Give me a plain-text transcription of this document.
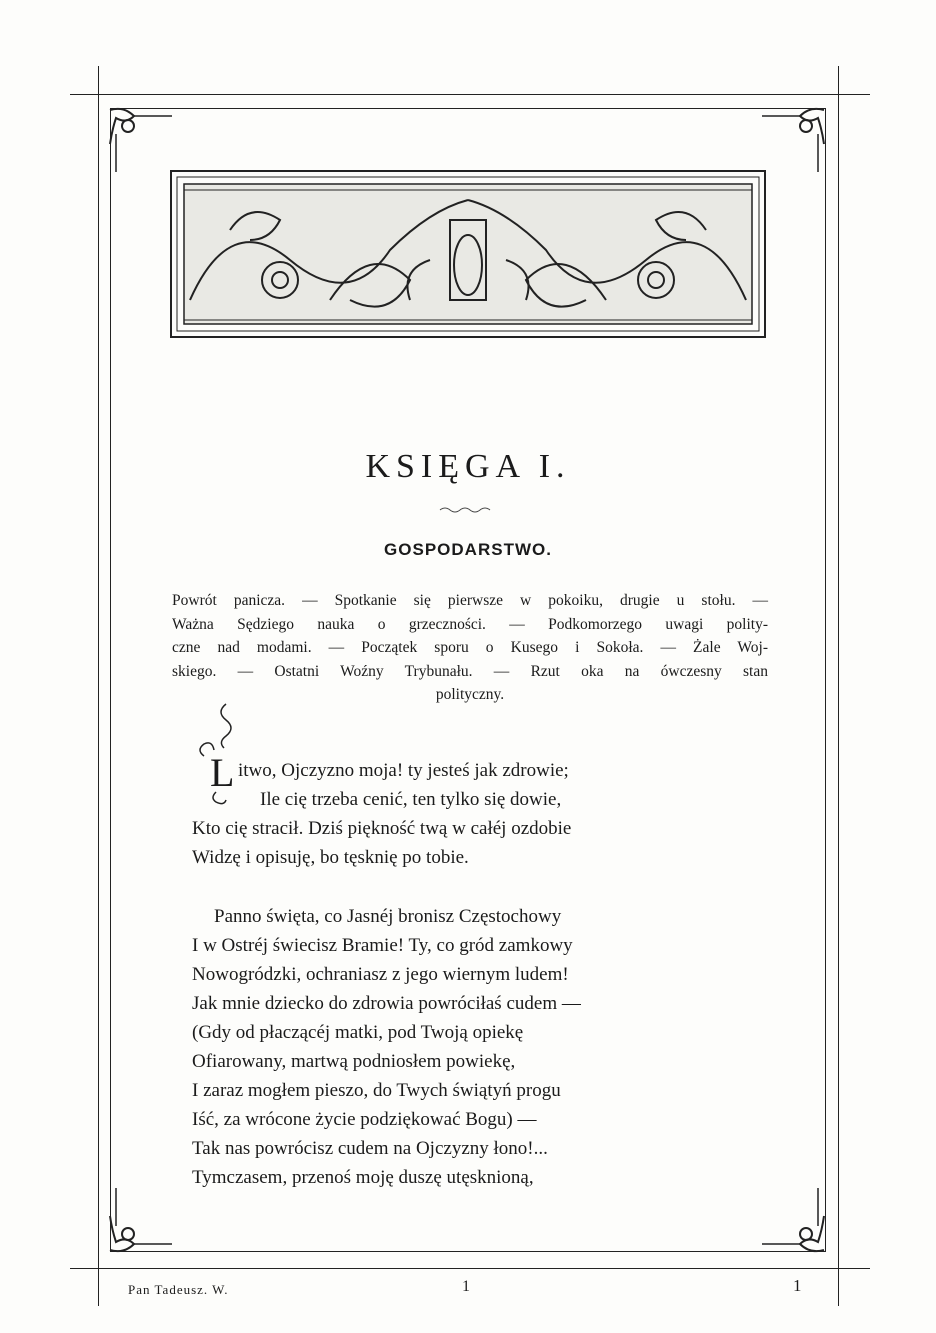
KSIĘGA I.
GOSPODARSTWO.
Powrót panicza. — Spotkanie się pierwsze w pokoiku, drugie u stołu. —
Ważna Sędziego nauka o grzeczności. — Podkomorzego uwagi polity-
czne nad modami. — Początek sporu o Kusego i Sokoła. — Żale Woj-
skiego. — Ostatni Woźny Trybunału. — Rzut oka na ówczesny stan
polityczny.
L itwo, Ojczyzno moja! ty jesteś jak zdrowie;
Ile cię trzeba cenić, ten tylko się dowie,
Kto cię stracił. Dziś piękność twą w całéj ozdobie
Widzę i opisuję, bo tęsknię po tobie.
Panno święta, co Jasnéj bronisz Częstochowy
I w Ostréj świecisz Bramie! Ty, co gród zamkowy
Nowogródzki, ochraniasz z jego wiernym ludem!
Jak mnie dziecko do zdrowia powróciłaś cudem —
(Gdy od płaczącéj matki, pod Twoją opiekę
Ofiarowany, martwą podniosłem powiekę,
I zaraz mogłem pieszo, do Twych świątyń progu
Iść, za wrócone życie podziękować Bogu) —
Tak nas powrócisz cudem na Ojczyzny łono!...
Tymczasem, przenoś moję duszę utęsknioną,
Pan Tadeusz. W.	1	1
